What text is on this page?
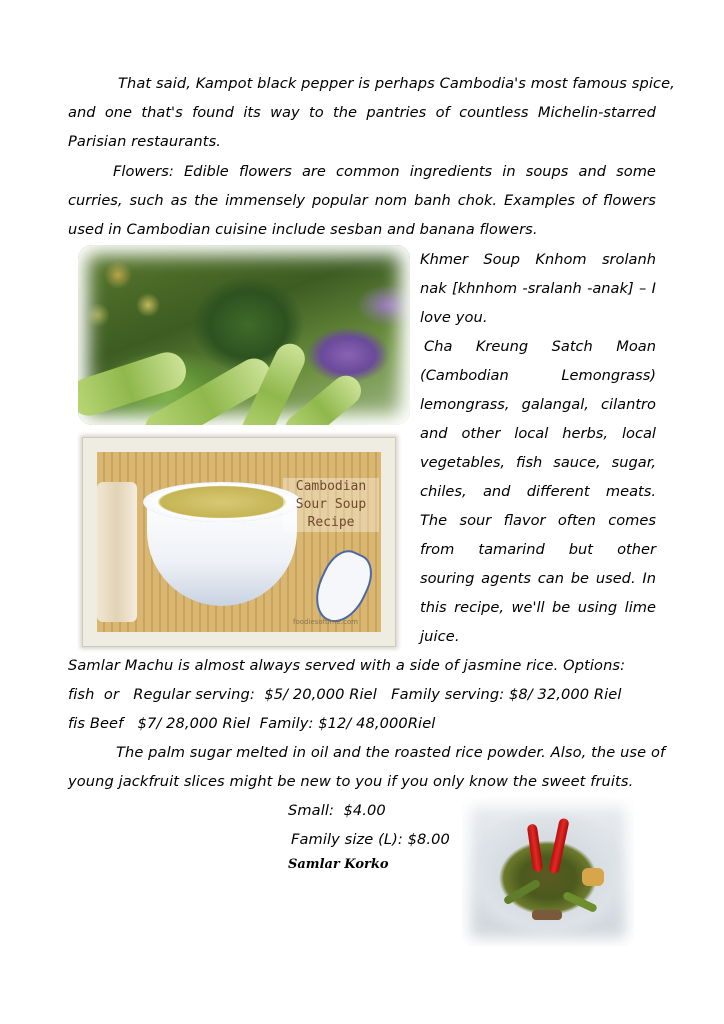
That said, Kampot black pepper is perhaps Cambodia's most famous spice,
and one that's found its way to the pantries of countless Michelin-starred
Parisian restaurants.
Flowers: Edible flowers are common ingredients in soups and some
curries, such as the immensely popular nom banh chok. Examples of flowers
used in Cambodian cuisine include sesban and banana flowers.
Cambodian
Sour Soup
Recipe
foodiesoftime.com
Khmer Soup Knhom srolanh
nak [khnhom -sralanh -anak] – I
love you.
Cha Kreung Satch Moan
(Cambodian	Lemongrass)
lemongrass, galangal, cilantro
and other local herbs, local
vegetables, fish sauce, sugar,
chiles, and different meats.
The sour flavor often comes
from tamarind but other
souring agents can be used. In
this recipe, we'll be using lime
juice.
Samlar Machu is almost always served with a side of jasmine rice. Options:
fish  or   Regular serving:  $5/ 20,000 Riel   Family serving: $8/ 32,000 Riel
fis Beef   $7/ 28,000 Riel  Family: $12/ 48,000Riel
The palm sugar melted in oil and the roasted rice powder. Also, the use of
young jackfruit slices might be new to you if you only know the sweet fruits.
Small:  $4.00
Family size (L): $8.00
Samlar Korko
